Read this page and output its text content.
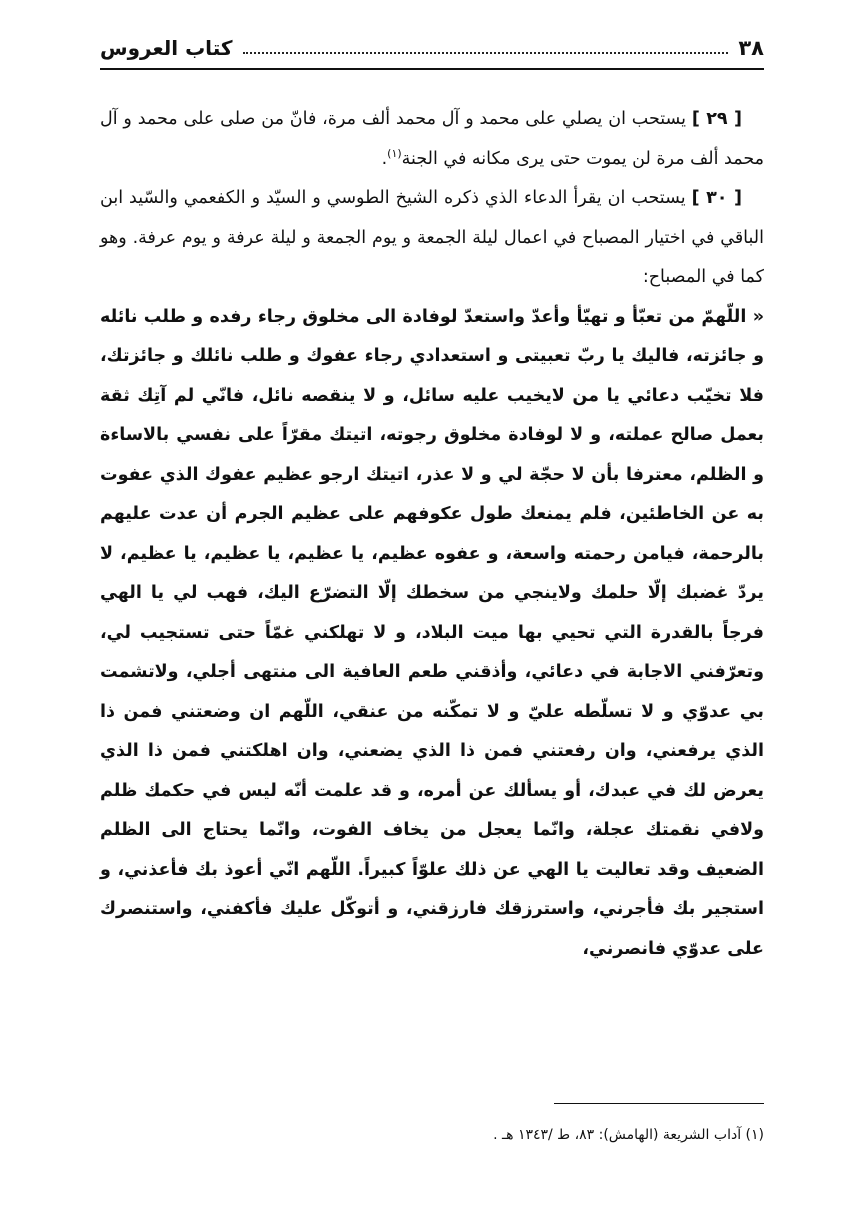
٣٨
كتاب العروس

[ ٢٩ ] يستحب ان يصلي على محمد و آل محمد ألف مرة، فانّ من صلى على محمد و آل محمد ألف مرة لن يموت حتى يرى مكانه في الجنة$^{(١)}$.

[ ٣٠ ] يستحب ان يقرأ الدعاء الذي ذكره الشيخ الطوسي و السيّد و الكفعمي والسّيد ابن الباقي في اختيار المصباح في اعمال ليلة الجمعة و يوم الجمعة و ليلة عرفة و يوم عرفة. وهو كما في المصباح:

« اللّهمّ من تعبّأ و تهيّأ وأعدّ واستعدّ لوفادة الى مخلوق رجاء رفده و طلب نائله و جائزته، فاليك يا ربّ تعبيتى و استعدادي رجاء عفوك و طلب نائلك و جائزتك، فلا تخيّب دعائي يا من لايخيب عليه سائل، و لا ينقصه نائل، فانّي لم آتِك ثقة بعمل صالح عملته، و لا لوفادة مخلوق رجوته، اتيتك مقرّاً على نفسي بالاساءة و الظلم، معترفا بأن لا حجّة لي و لا عذر، اتيتك ارجو عظيم عفوك الذي عفوت به عن الخاطئين، فلم يمنعك طول عكوفهم على عظيم الجرم أن عدت عليهم بالرحمة، فيامن رحمته واسعة، و عفوه عظيم، يا عظيم، يا عظيم، يا عظيم، لا يردّ غضبك إلّا حلمك ولاينجي من سخطك إلّا التضرّع اليك، فهب لي يا الهي فرجاً بالقدرة التي تحيي بها ميت البلاد، و لا تهلكني غمّاً حتى تستجيب لي، وتعرّفني الاجابة في دعائي، وأذقني طعم العافية الى منتهى أجلي، ولاتشمت بي عدوّي و لا تسلّطه عليّ و لا تمكّنه من عنقي، اللّهم ان وضعتني فمن ذا الذي يرفعني، وان رفعتني فمن ذا الذي يضعني، وان اهلكتني فمن ذا الذي يعرض لك في عبدك، أو يسألك عن أمره، و قد علمت أنّه ليس في حكمك ظلم ولافي نقمتك عجلة، وانّما يعجل من يخاف الفوت، وانّما يحتاج الى الظلم الضعيف وقد تعاليت يا الهي عن ذلك علوّاً كبيراً. اللّهم انّي أعوذ بك فأعذني، و استجير بك فأجرني، واسترزقك فارزقني، و أتوكّل عليك فأكفني، واستنصرك على عدوّي فانصرني،

(١) آداب الشريعة (الهامش): ٨٣، ط /١٣٤٣ هـ .
